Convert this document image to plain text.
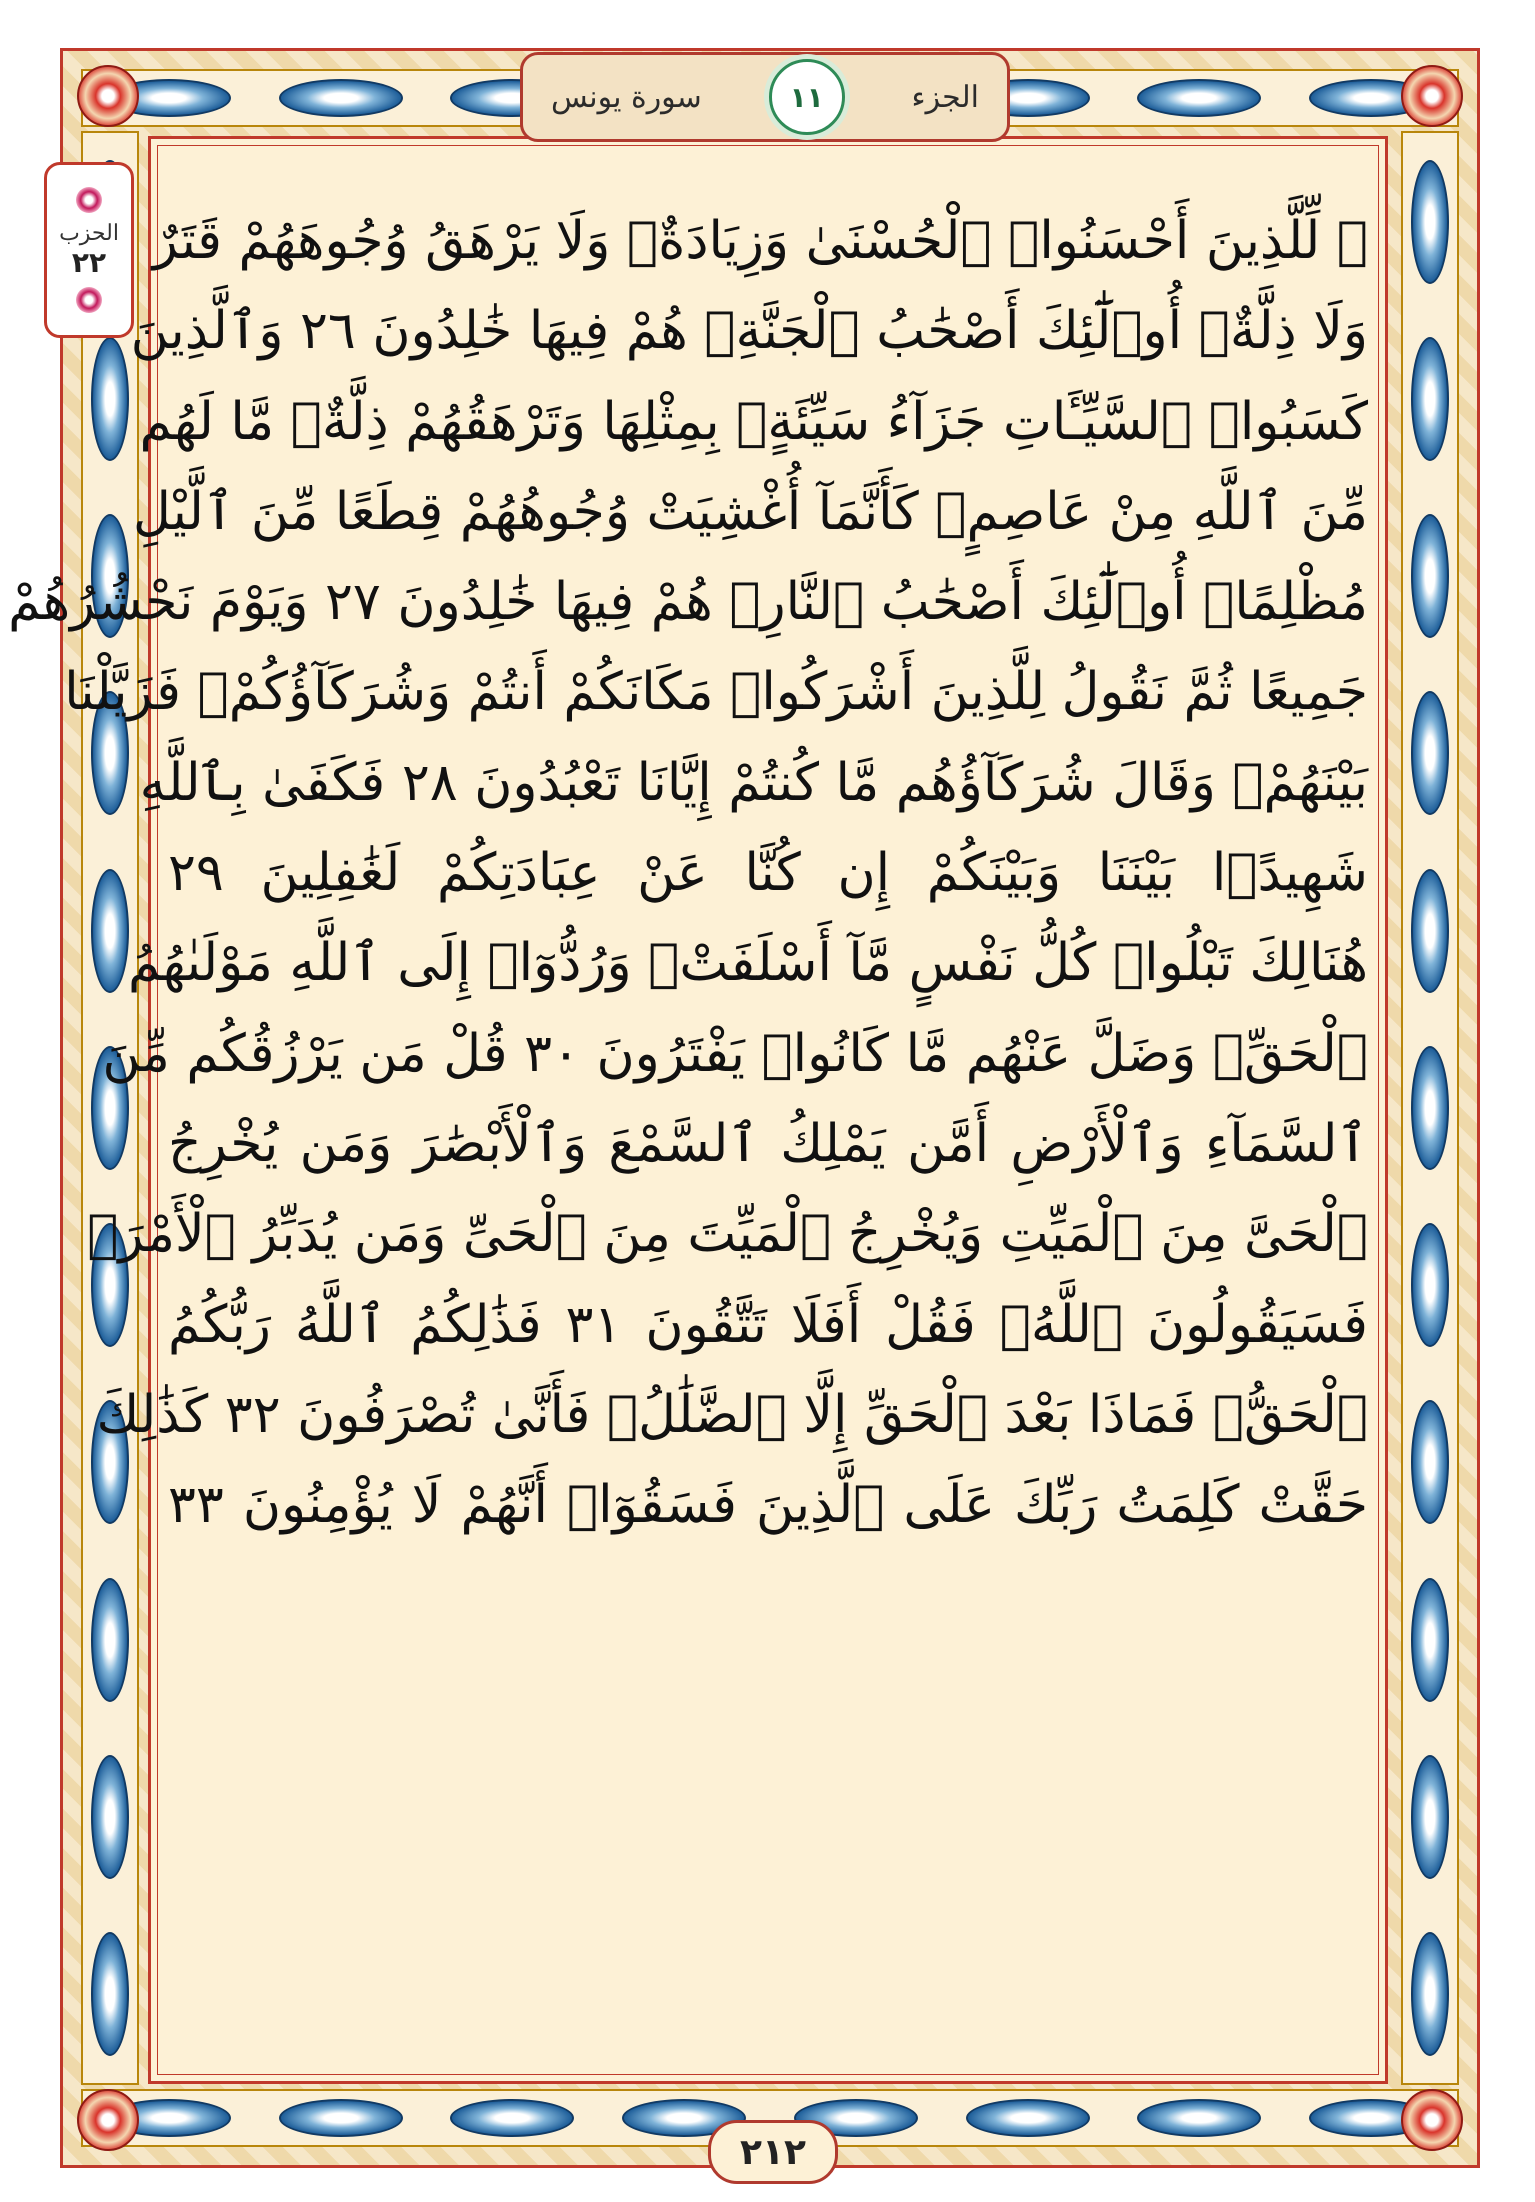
سورة يونس	١١	الجزء
الحزب
٢٢ ۞ لِّلَّذِينَ أَحْسَنُوا۟ ٱلْحُسْنَىٰ وَزِيَادَةٌۖ وَلَا يَرْهَقُ وُجُوهَهُمْ قَتَرٌ
وَلَا ذِلَّةٌۚ أُو۟لَٰٓئِكَ أَصْحَٰبُ ٱلْجَنَّةِۖ هُمْ فِيهَا خَٰلِدُونَ ٢٦ وَٱلَّذِينَ
كَسَبُوا۟ ٱلسَّيِّـَٔاتِ جَزَآءُ سَيِّئَةٍۭ بِمِثْلِهَا وَتَرْهَقُهُمْ ذِلَّةٌۖ مَّا لَهُم
مِّنَ ٱللَّهِ مِنْ عَاصِمٍۖ كَأَنَّمَآ أُغْشِيَتْ وُجُوهُهُمْ قِطَعًا مِّنَ ٱلَّيْلِ
مُظْلِمًاۚ أُو۟لَٰٓئِكَ أَصْحَٰبُ ٱلنَّارِۖ هُمْ فِيهَا خَٰلِدُونَ ٢٧ وَيَوْمَ نَحْشُرُهُمْ
جَمِيعًا ثُمَّ نَقُولُ لِلَّذِينَ أَشْرَكُوا۟ مَكَانَكُمْ أَنتُمْ وَشُرَكَآؤُكُمْۚ فَزَيَّلْنَا
بَيْنَهُمْۖ وَقَالَ شُرَكَآؤُهُم مَّا كُنتُمْ إِيَّانَا تَعْبُدُونَ ٢٨ فَكَفَىٰ بِٱللَّهِ
شَهِيدًۢا بَيْنَنَا وَبَيْنَكُمْ إِن كُنَّا عَنْ عِبَادَتِكُمْ لَغَٰفِلِينَ ٢٩
هُنَالِكَ تَبْلُوا۟ كُلُّ نَفْسٍ مَّآ أَسْلَفَتْۚ وَرُدُّوٓا۟ إِلَى ٱللَّهِ مَوْلَىٰهُمُ
ٱلْحَقِّۖ وَضَلَّ عَنْهُم مَّا كَانُوا۟ يَفْتَرُونَ ٣٠ قُلْ مَن يَرْزُقُكُم مِّنَ
ٱلسَّمَآءِ وَٱلْأَرْضِ أَمَّن يَمْلِكُ ٱلسَّمْعَ وَٱلْأَبْصَٰرَ وَمَن يُخْرِجُ
ٱلْحَىَّ مِنَ ٱلْمَيِّتِ وَيُخْرِجُ ٱلْمَيِّتَ مِنَ ٱلْحَىِّ وَمَن يُدَبِّرُ ٱلْأَمْرَۚ
فَسَيَقُولُونَ ٱللَّهُۚ فَقُلْ أَفَلَا تَتَّقُونَ ٣١ فَذَٰلِكُمُ ٱللَّهُ رَبُّكُمُ
ٱلْحَقُّۖ فَمَاذَا بَعْدَ ٱلْحَقِّ إِلَّا ٱلضَّلَٰلُۖ فَأَنَّىٰ تُصْرَفُونَ ٣٢ كَذَٰلِكَ
حَقَّتْ كَلِمَتُ رَبِّكَ عَلَى ٱلَّذِينَ فَسَقُوٓا۟ أَنَّهُمْ لَا يُؤْمِنُونَ ٣٣
٢١٢
